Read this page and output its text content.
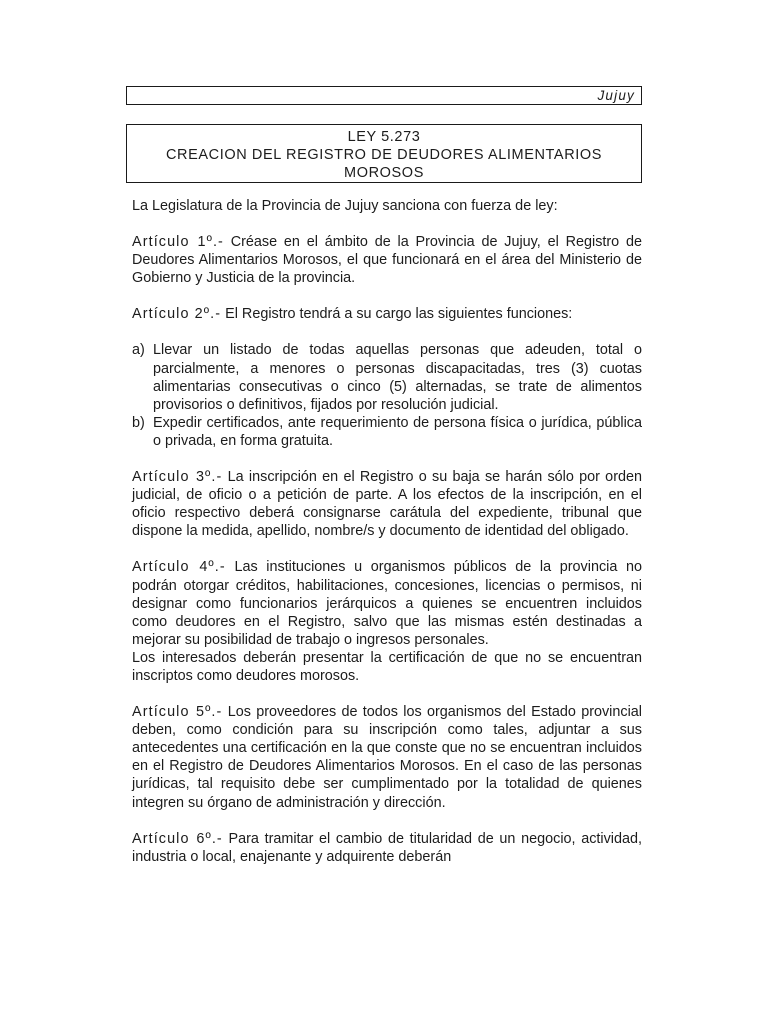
Jujuy
LEY 5.273
CREACION DEL REGISTRO DE DEUDORES ALIMENTARIOS
MOROSOS

La Legislatura de la Provincia de Jujuy sanciona con fuerza de ley:

Artículo 1º.- Créase en el ámbito de la Provincia de Jujuy, el Registro de Deudores Alimentarios Morosos, el que funcionará en el área del Ministerio de Gobierno y Justicia de la provincia.

Artículo 2º.- El Registro tendrá a su cargo las siguientes funciones:

a) Llevar un listado de todas aquellas personas que adeuden, total o parcialmente, a menores o personas discapacitadas, tres (3) cuotas alimentarias consecutivas o cinco (5) alternadas, se trate de alimentos provisorios o definitivos, fijados por resolución judicial.
b) Expedir certificados, ante requerimiento de persona física o jurídica, pública o privada, en forma gratuita.

Artículo 3º.- La inscripción en el Registro o su baja se harán sólo por orden judicial, de oficio o a petición de parte. A los efectos de la inscripción, en el oficio respectivo deberá consignarse carátula del expediente, tribunal que dispone la medida, apellido, nombre/s y documento de identidad del obligado.

Artículo 4º.- Las instituciones u organismos públicos de la provincia no podrán otorgar créditos, habilitaciones, concesiones, licencias o permisos, ni designar como funcionarios jerárquicos a quienes se encuentren incluidos como deudores en el Registro, salvo que las mismas estén destinadas a mejorar su posibilidad de trabajo o ingresos personales.
Los interesados deberán presentar la certificación de que no se encuentran inscriptos como deudores morosos.

Artículo 5º.- Los proveedores de todos los organismos del Estado provincial deben, como condición para su inscripción como tales, adjuntar a sus antecedentes una certificación en la que conste que no se encuentran incluidos en el Registro de Deudores Alimentarios Morosos. En el caso de las personas jurídicas, tal requisito debe ser cumplimentado por la totalidad de quienes integren su órgano de administración y dirección.

Artículo 6º.- Para tramitar el cambio de titularidad de un negocio, actividad, industria o local, enajenante y adquirente deberán
